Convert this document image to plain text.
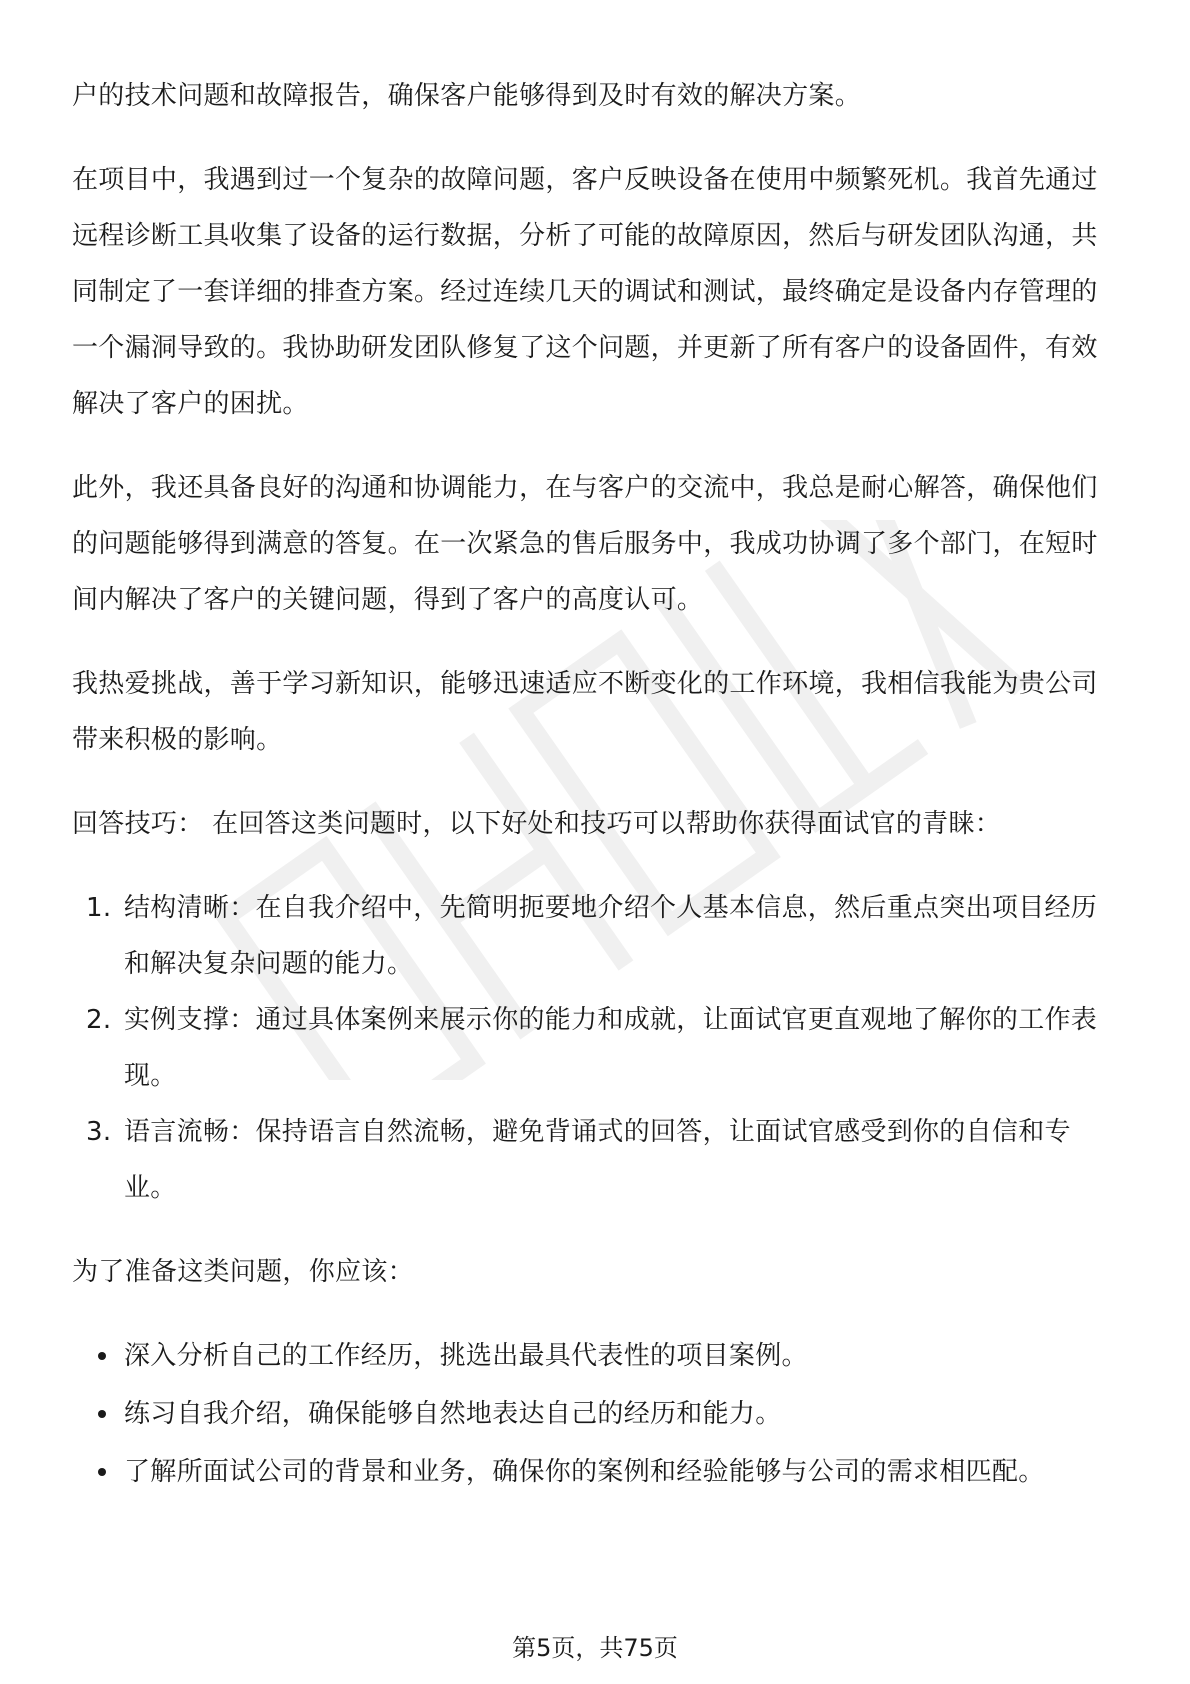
户的技术问题和故障报告，确保客户能够得到及时有效的解决方案。

在项目中，我遇到过一个复杂的故障问题，客户反映设备在使用中频繁死机。我首先通过远程诊断工具收集了设备的运行数据，分析了可能的故障原因，然后与研发团队沟通，共同制定了一套详细的排查方案。经过连续几天的调试和测试，最终确定是设备内存管理的一个漏洞导致的。我协助研发团队修复了这个问题，并更新了所有客户的设备固件，有效解决了客户的困扰。

此外，我还具备良好的沟通和协调能力，在与客户的交流中，我总是耐心解答，确保他们的问题能够得到满意的答复。在一次紧急的售后服务中，我成功协调了多个部门，在短时间内解决了客户的关键问题，得到了客户的高度认可。

我热爱挑战，善于学习新知识，能够迅速适应不断变化的工作环境，我相信我能为贵公司带来积极的影响。

回答技巧： 在回答这类问题时，以下好处和技巧可以帮助你获得面试官的青睐：

1. 结构清晰：在自我介绍中，先简明扼要地介绍个人基本信息，然后重点突出项目经历和解决复杂问题的能力。
2. 实例支撑：通过具体案例来展示你的能力和成就，让面试官更直观地了解你的工作表现。
3. 语言流畅：保持语言自然流畅，避免背诵式的回答，让面试官感受到你的自信和专业。

为了准备这类问题，你应该：

深入分析自己的工作经历，挑选出最具代表性的项目案例。
练习自我介绍，确保能够自然地表达自己的经历和能力。
了解所面试公司的背景和业务，确保你的案例和经验能够与公司的需求相匹配。
第5页，共75页
